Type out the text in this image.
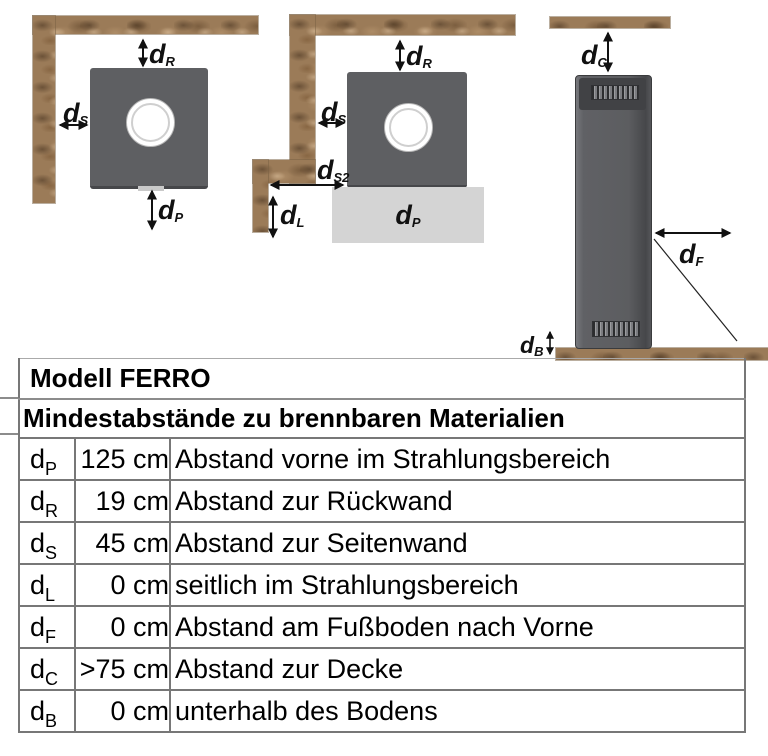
dP
dR
dS
dP
dR
dS
dS2
dL
dC
dF
dB
Modell FERRO		
Mindestabstände zu brennbaren Materialien		
$d_P$	125 cm	Abstand vorne im Strahlungsbereich
$d_R$	19 cm	Abstand zur Rückwand
$d_S$	45 cm	Abstand zur Seitenwand
$d_L$	0 cm	seitlich im Strahlungsbereich
$d_F$	0 cm	Abstand am Fußboden nach Vorne
$d_C$	>75 cm	Abstand zur Decke
$d_B$	0 cm	unterhalb des Bodens
